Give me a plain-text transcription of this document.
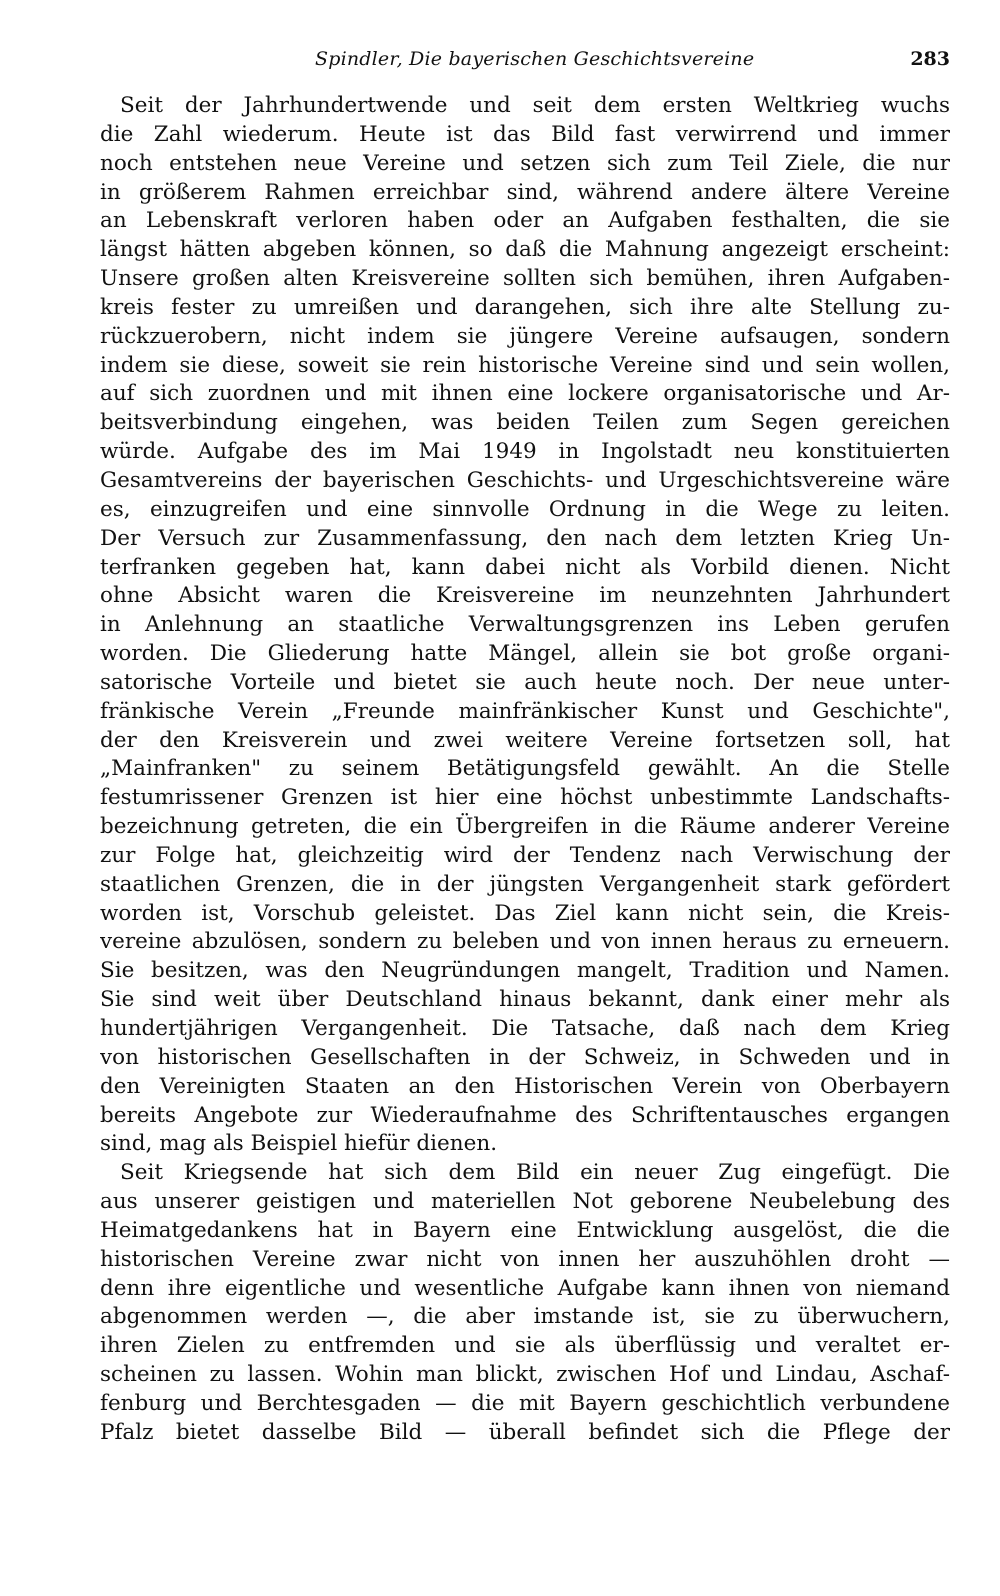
Spindler, Die bayerischen Geschichtsvereine	283
Seit der Jahrhundertwende und seit dem ersten Weltkrieg wuchs
die Zahl wiederum. Heute ist das Bild fast verwirrend und immer
noch entstehen neue Vereine und setzen sich zum Teil Ziele, die nur
in größerem Rahmen erreichbar sind, während andere ältere Vereine
an Lebenskraft verloren haben oder an Aufgaben festhalten, die sie
längst hätten abgeben können, so daß die Mahnung angezeigt erscheint:
Unsere großen alten Kreisvereine sollten sich bemühen, ihren Aufgaben-
kreis fester zu umreißen und darangehen, sich ihre alte Stellung zu-
rückzuerobern, nicht indem sie jüngere Vereine aufsaugen, sondern
indem sie diese, soweit sie rein historische Vereine sind und sein wollen,
auf sich zuordnen und mit ihnen eine lockere organisatorische und Ar-
beitsverbindung eingehen, was beiden Teilen zum Segen gereichen
würde. Aufgabe des im Mai 1949 in Ingolstadt neu konstituierten
Gesamtvereins der bayerischen Geschichts- und Urgeschichtsvereine wäre
es, einzugreifen und eine sinnvolle Ordnung in die Wege zu leiten.
Der Versuch zur Zusammenfassung, den nach dem letzten Krieg Un-
terfranken gegeben hat, kann dabei nicht als Vorbild dienen. Nicht
ohne Absicht waren die Kreisvereine im neunzehnten Jahrhundert
in Anlehnung an staatliche Verwaltungsgrenzen ins Leben gerufen
worden. Die Gliederung hatte Mängel, allein sie bot große organi-
satorische Vorteile und bietet sie auch heute noch. Der neue unter-
fränkische Verein „Freunde mainfränkischer Kunst und Geschichte",
der den Kreisverein und zwei weitere Vereine fortsetzen soll, hat
„Mainfranken" zu seinem Betätigungsfeld gewählt. An die Stelle
festumrissener Grenzen ist hier eine höchst unbestimmte Landschafts-
bezeichnung getreten, die ein Übergreifen in die Räume anderer Vereine
zur Folge hat, gleichzeitig wird der Tendenz nach Verwischung der
staatlichen Grenzen, die in der jüngsten Vergangenheit stark gefördert
worden ist, Vorschub geleistet. Das Ziel kann nicht sein, die Kreis-
vereine abzulösen, sondern zu beleben und von innen heraus zu erneuern.
Sie besitzen, was den Neugründungen mangelt, Tradition und Namen.
Sie sind weit über Deutschland hinaus bekannt, dank einer mehr als
hundertjährigen Vergangenheit. Die Tatsache, daß nach dem Krieg
von historischen Gesellschaften in der Schweiz, in Schweden und in
den Vereinigten Staaten an den Historischen Verein von Oberbayern
bereits Angebote zur Wiederaufnahme des Schriftentausches ergangen
sind, mag als Beispiel hiefür dienen.
Seit Kriegsende hat sich dem Bild ein neuer Zug eingefügt. Die
aus unserer geistigen und materiellen Not geborene Neubelebung des
Heimatgedankens hat in Bayern eine Entwicklung ausgelöst, die die
historischen Vereine zwar nicht von innen her auszuhöhlen droht —
denn ihre eigentliche und wesentliche Aufgabe kann ihnen von niemand
abgenommen werden —, die aber imstande ist, sie zu überwuchern,
ihren Zielen zu entfremden und sie als überflüssig und veraltet er-
scheinen zu lassen. Wohin man blickt, zwischen Hof und Lindau, Aschaf-
fenburg und Berchtesgaden — die mit Bayern geschichtlich verbundene
Pfalz bietet dasselbe Bild — überall befindet sich die Pflege der
